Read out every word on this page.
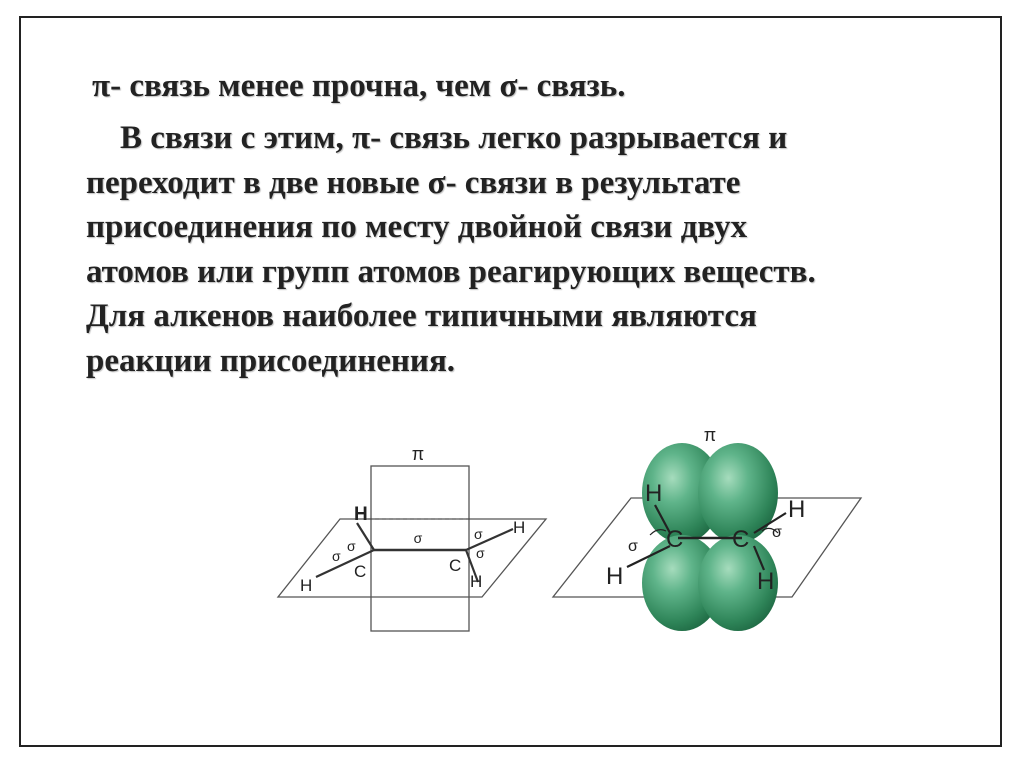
π- связь менее прочна, чем σ- связь.
В связи с этим, π- связь легко разрывается и
переходит в две новые σ- связи в результате
присоединения по месту двойной связи двух
атомов или групп атомов реагирующих веществ.
Для алкенов наиболее типичными являются
реакции присоединения.
π
H
H
H
H
C	C
σ
σ
σ
σ
σ
π
H
H
H
H
C C
σ
σ
